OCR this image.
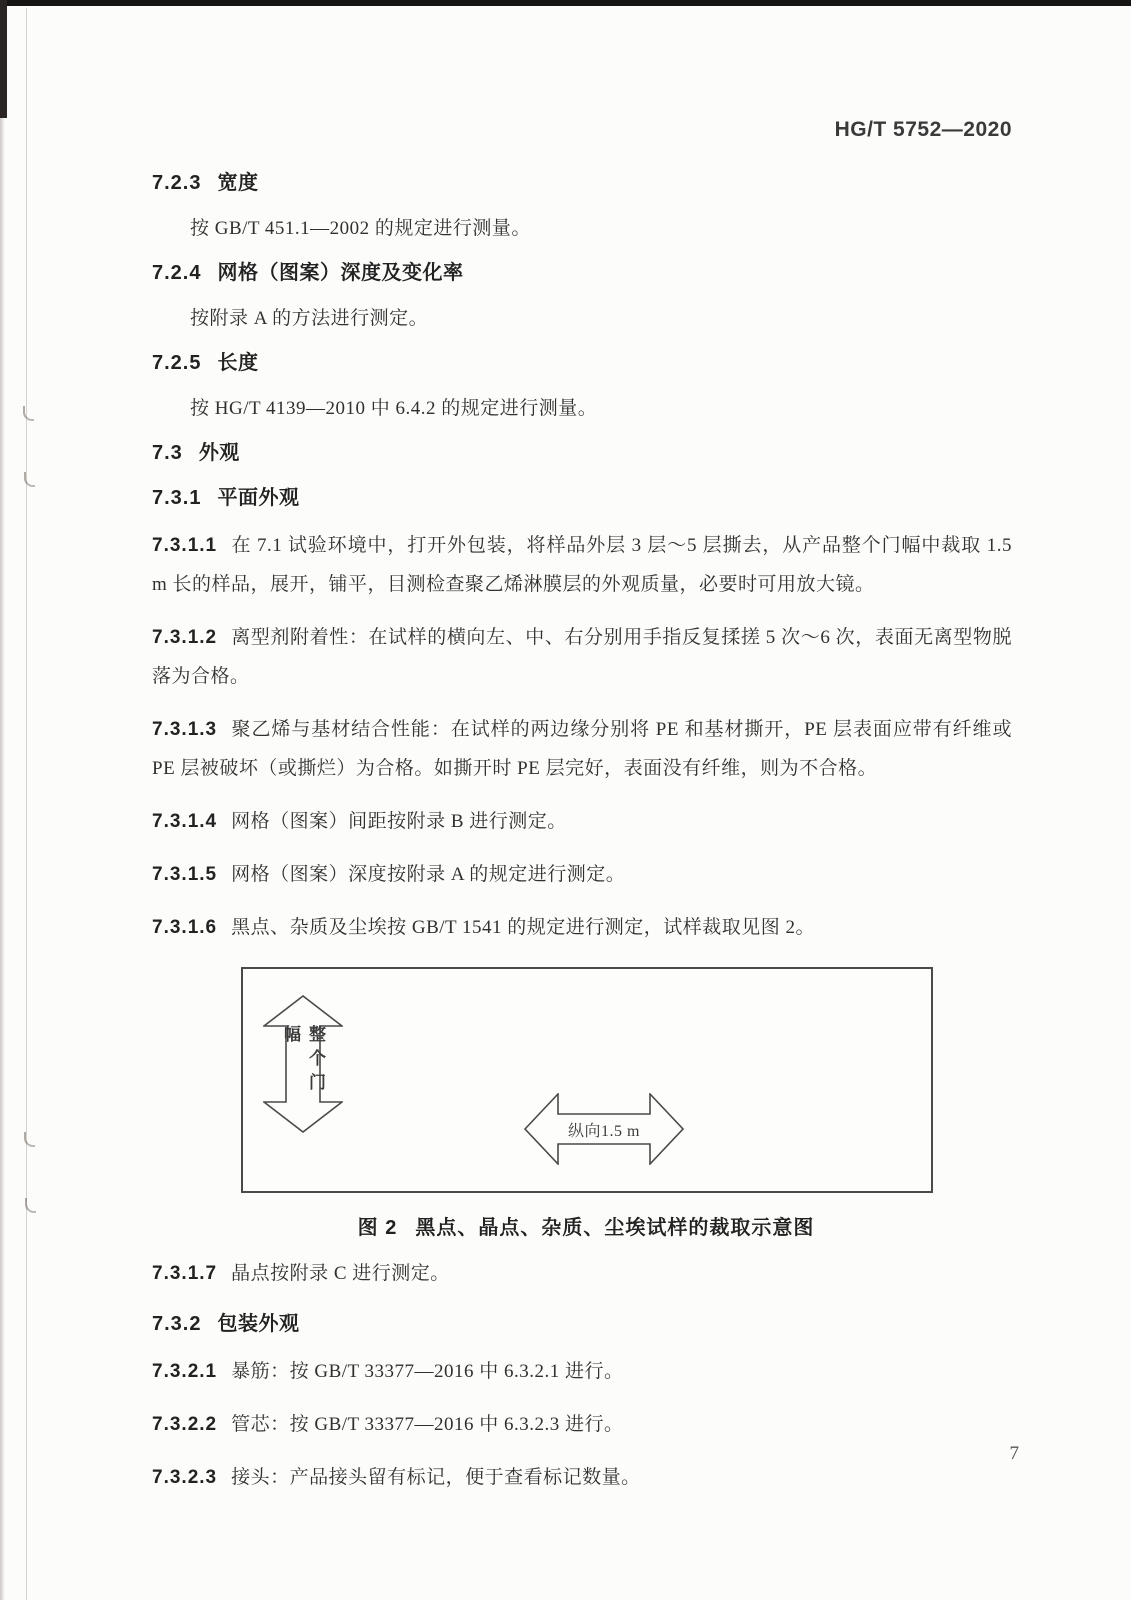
HG/T 5752—2020
7.2.3 宽度
按 GB/T 451.1—2002 的规定进行测量。
7.2.4 网格（图案）深度及变化率
按附录 A 的方法进行测定。
7.2.5 长度
按 HG/T 4139—2010 中 6.4.2 的规定进行测量。
7.3 外观
7.3.1 平面外观
7.3.1.1 在 7.1 试验环境中，打开外包装，将样品外层 3 层～5 层撕去，从产品整个门幅中裁取 1.5 m 长的样品，展开，铺平，目测检查聚乙烯淋膜层的外观质量，必要时可用放大镜。
7.3.1.2 离型剂附着性：在试样的横向左、中、右分别用手指反复揉搓 5 次～6 次，表面无离型物脱落为合格。
7.3.1.3 聚乙烯与基材结合性能：在试样的两边缘分别将 PE 和基材撕开，PE 层表面应带有纤维或 PE 层被破坏（或撕烂）为合格。如撕开时 PE 层完好，表面没有纤维，则为不合格。
7.3.1.4 网格（图案）间距按附录 B 进行测定。
7.3.1.5 网格（图案）深度按附录 A 的规定进行测定。
7.3.1.6 黑点、杂质及尘埃按 GB/T 1541 的规定进行测定，试样裁取见图 2。
整个门幅
纵向1.5 m
图 2 黑点、晶点、杂质、尘埃试样的裁取示意图
7.3.1.7 晶点按附录 C 进行测定。
7.3.2 包装外观
7.3.2.1 暴筋：按 GB/T 33377—2016 中 6.3.2.1 进行。
7.3.2.2 管芯：按 GB/T 33377—2016 中 6.3.2.3 进行。
7.3.2.3 接头：产品接头留有标记，便于查看标记数量。
7
